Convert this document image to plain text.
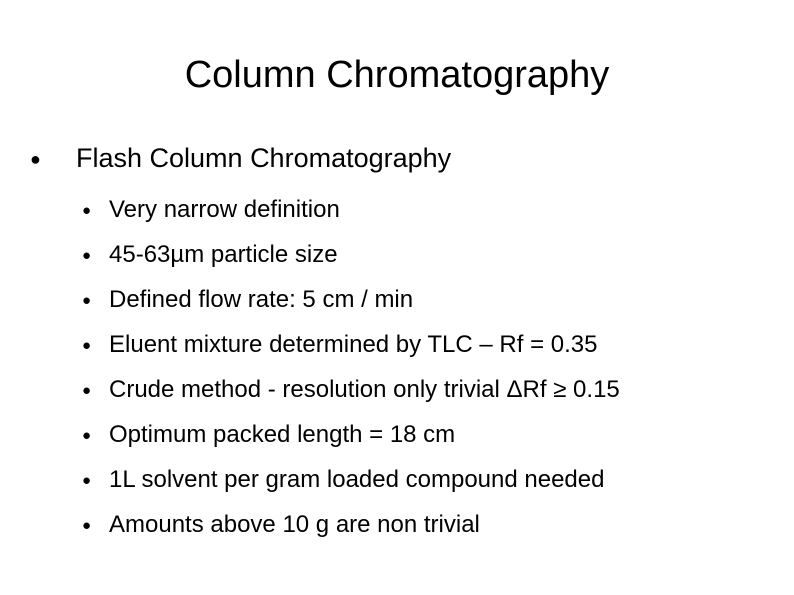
Column Chromatography
● Flash Column Chromatography
● Very narrow definition
● 45-63µm particle size
● Defined flow rate: 5 cm / min
● Eluent mixture determined by TLC – Rf = 0.35
● Crude method - resolution only trivial ΔRf ≥ 0.15
● Optimum packed length = 18 cm
● 1L solvent per gram loaded compound needed
● Amounts above 10 g are non trivial
